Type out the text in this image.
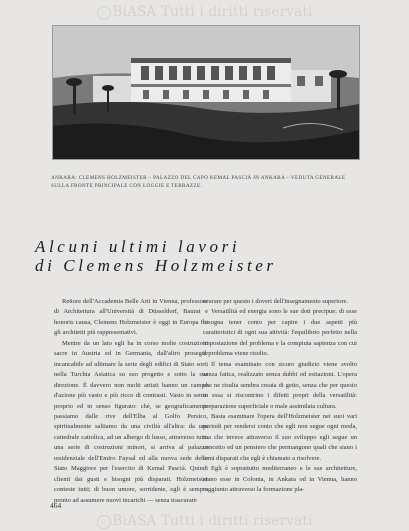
c BiASA Tutti i diritti riservati
c BiASA Tutti i diritti riservati
ANKARA: CLEMENS HOLZMEISTER – PALAZZO DEL CAPO KEMAL PASCIÀ IN ANKARA – VEDUTA GENERALE SULLA FRONTE PRINCIPALE CON LOGGIE E TERRAZZE.
Alcuni ultimi lavori
di Clemens Holzmeister

Rettore dell'Accademia Belle Arti in Vienna, professore di Architettura all'Università di Düsseldorf, Baurat e honoris causa, Clemens Holzmeister è oggi in Europa fra gli architetti più rappresentativi.

Mentre da un lato egli ha in corso molte costruzioni sacre in Austria ed in Germania, dall'altro prosegue incancabile ad ultimare la serie degli edifici di Stato sorti nella Turchia Asiatica su suo progetto e sotto la sua direzione. È davvero non molti artisti hanno un campo d'azione più vasto e più ricco di contrasti. Vasto in senso proprio ed in senso figurato: chè, se geograficamente passiamo dalle rive dell'Elba al Golfo Persico, spiritualmente saltiamo da una civiltà all'altra: da una cattedrale cattolica, ad un albergo di lusso, attraverso tutta una serie di costruzioni minori, si arriva al palazzo residenziale dell'Emiro Faysal ed alla nuova sede dello Stato Maggiore per l'esercito di Kemal Pascià. Quindi clienti dai gusti e bisogni più disparati. Holzmeister conteste tutti; di buon umore, sorridente, egli è sempre pronto ad assumere nuovi incarichi — senza trascurare

scurare per questo i doveri dell'insegnamento superiore.

Versatilità ed energia sono le sue doti precipue; di esse bisogna tener conto per capire i due aspetti più caratteristici di ogni sua attività: l'equilibrio perfetto nella impostazione del problema e la compiuta sapienza con cui il problema viene risolto.

Il tema esaminato con sicuro giudizio viene svolto senza fatica, realizzato senza dubbi od esitazioni. L'opera che ne risulta sembra creata di getto, senza che per questo in essa si riscontrino i difetti propri della versatilità: preparazione superficiale o male assimilata cultura.

Basta esaminare l'opera dell'Holzmeister nei suoi vari periodi per rendersi conto che egli non segue ogni moda, ma che invece attraverso il suo sviluppo egli segue un concetto ed un pensiero che permangono quali che siano i temi disparati che egli è chiamato a risolvere.

Egli è soprattutto mediterraneo e le sue architetture, siano esse in Colonia, in Ankara od in Vienna, hanno raggiunto attraverso la formazione pla-

464
